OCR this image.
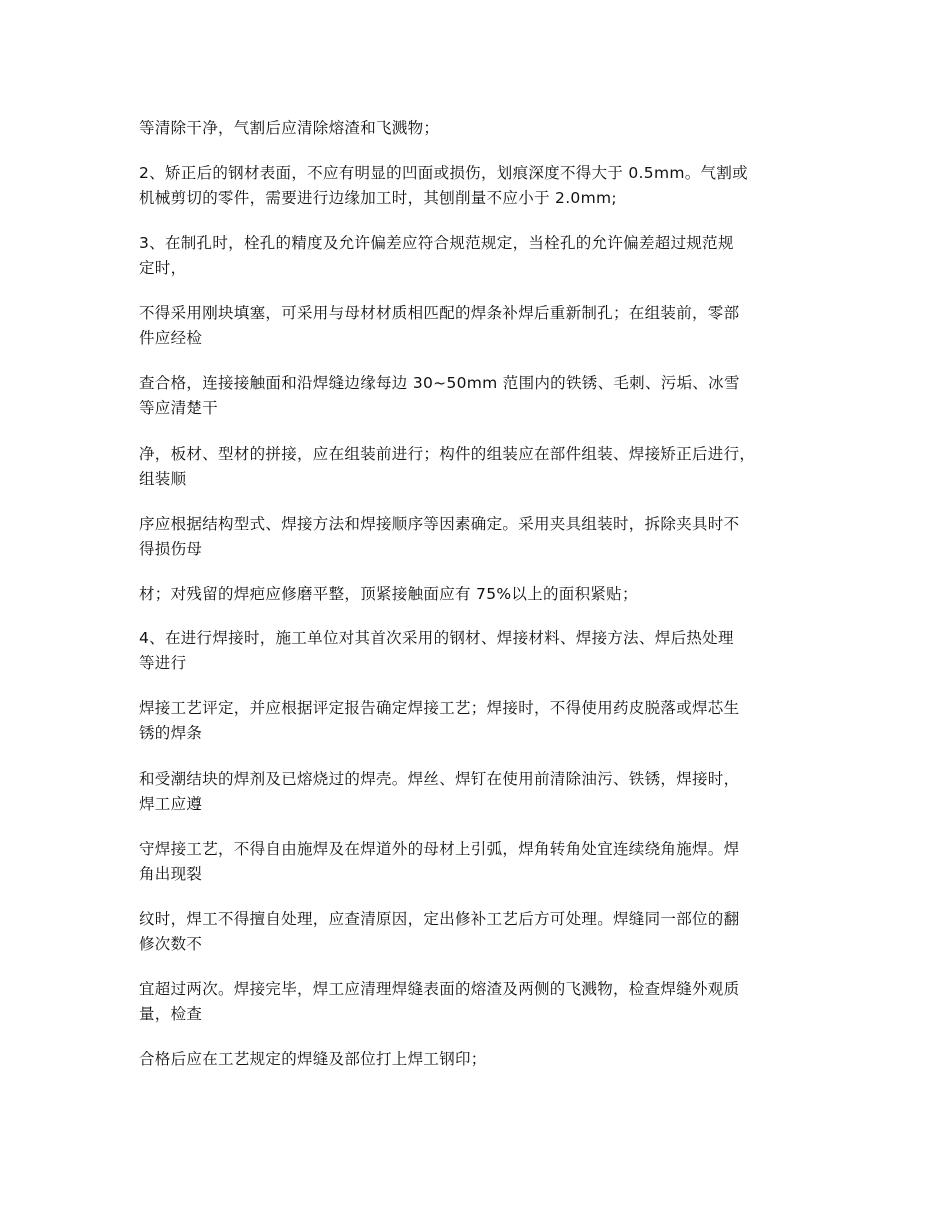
等清除干净，气割后应清除熔渣和飞溅物；

2、矫正后的钢材表面，不应有明显的凹面或损伤，划痕深度不得大于 0.5mm。气割或
机械剪切的零件，需要进行边缘加工时，其刨削量不应小于 2.0mm;

3、在制孔时，栓孔的精度及允许偏差应符合规范规定，当栓孔的允许偏差超过规范规
定时，

不得采用刚块填塞，可采用与母材材质相匹配的焊条补焊后重新制孔；在组装前，零部
件应经检

查合格，连接接触面和沿焊缝边缘每边 30~50mm 范围内的铁锈、毛刺、污垢、冰雪
等应清楚干

净，板材、型材的拼接，应在组装前进行；构件的组装应在部件组装、焊接矫正后进行，
组装顺

序应根据结构型式、焊接方法和焊接顺序等因素确定。采用夹具组装时，拆除夹具时不
得损伤母

材；对残留的焊疤应修磨平整，顶紧接触面应有 75%以上的面积紧贴；

4、在进行焊接时，施工单位对其首次采用的钢材、焊接材料、焊接方法、焊后热处理
等进行

焊接工艺评定，并应根据评定报告确定焊接工艺；焊接时，不得使用药皮脱落或焊芯生
锈的焊条

和受潮结块的焊剂及已熔烧过的焊壳。焊丝、焊钉在使用前清除油污、铁锈，焊接时，
焊工应遵

守焊接工艺，不得自由施焊及在焊道外的母材上引弧，焊角转角处宜连续绕角施焊。焊
角出现裂

纹时，焊工不得擅自处理，应查清原因，定出修补工艺后方可处理。焊缝同一部位的翻
修次数不

宜超过两次。焊接完毕，焊工应清理焊缝表面的熔渣及两侧的飞溅物，检查焊缝外观质
量，检查

合格后应在工艺规定的焊缝及部位打上焊工钢印；
